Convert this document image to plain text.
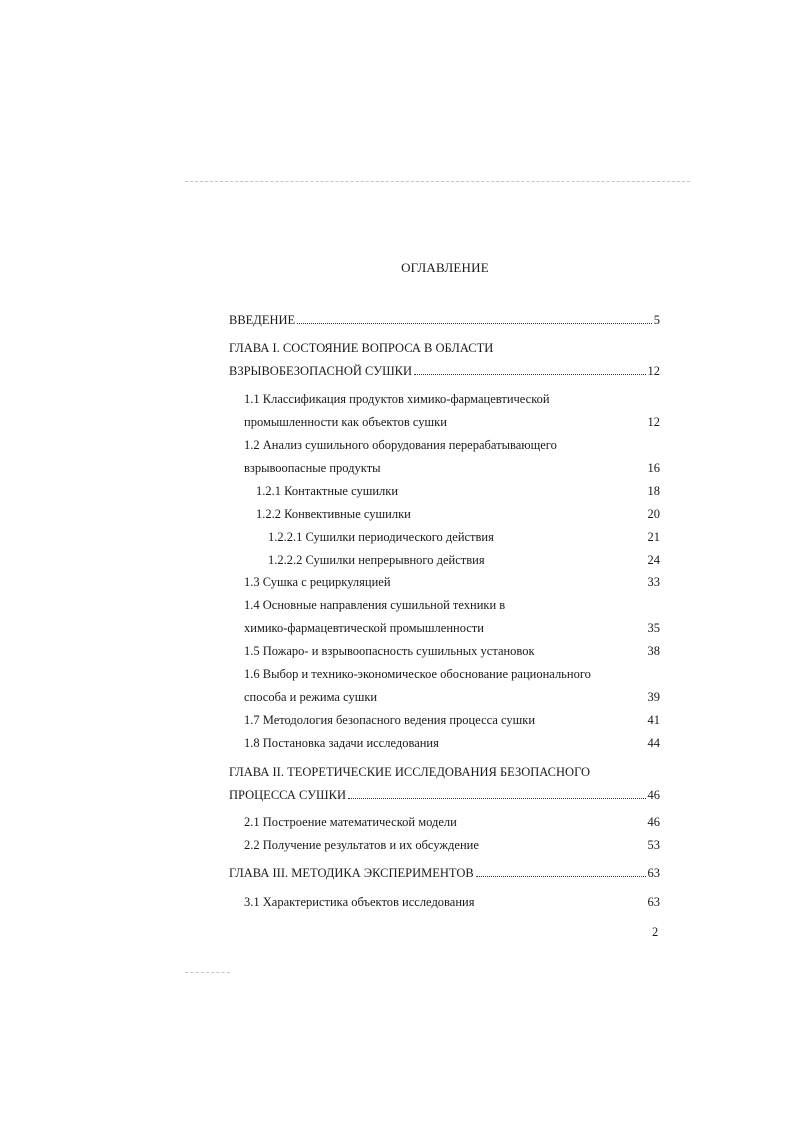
ОГЛАВЛЕНИЕ
ВВЕДЕНИЕ	5
ГЛАВА I. СОСТОЯНИЕ ВОПРОСА В ОБЛАСТИ
ВЗРЫВОБЕЗОПАСНОЙ СУШКИ	12
1.1 Классификация продуктов химико-фармацевтической
промышленности как объектов сушки	12
1.2 Анализ сушильного оборудования перерабатывающего
взрывоопасные продукты	16
1.2.1 Контактные сушилки	18
1.2.2 Конвективные сушилки	20
1.2.2.1 Сушилки периодического действия	21
1.2.2.2 Сушилки непрерывного действия	24
1.3 Сушка с рециркуляцией	33
1.4 Основные направления сушильной техники в
химико-фармацевтической промышленности	35
1.5 Пожаро- и взрывоопасность сушильных установок	38
1.6 Выбор и технико-экономическое обоснование рационального
способа и режима сушки	39
1.7 Методология безопасного ведения процесса сушки	41
1.8 Постановка задачи исследования	44
ГЛАВА II. ТЕОРЕТИЧЕСКИЕ ИССЛЕДОВАНИЯ БЕЗОПАСНОГО
ПРОЦЕССА СУШКИ	46
2.1 Построение математической модели	46
2.2 Получение результатов и их обсуждение	53
ГЛАВА III. МЕТОДИКА ЭКСПЕРИМЕНТОВ	63
3.1 Характеристика объектов исследования	63
2
